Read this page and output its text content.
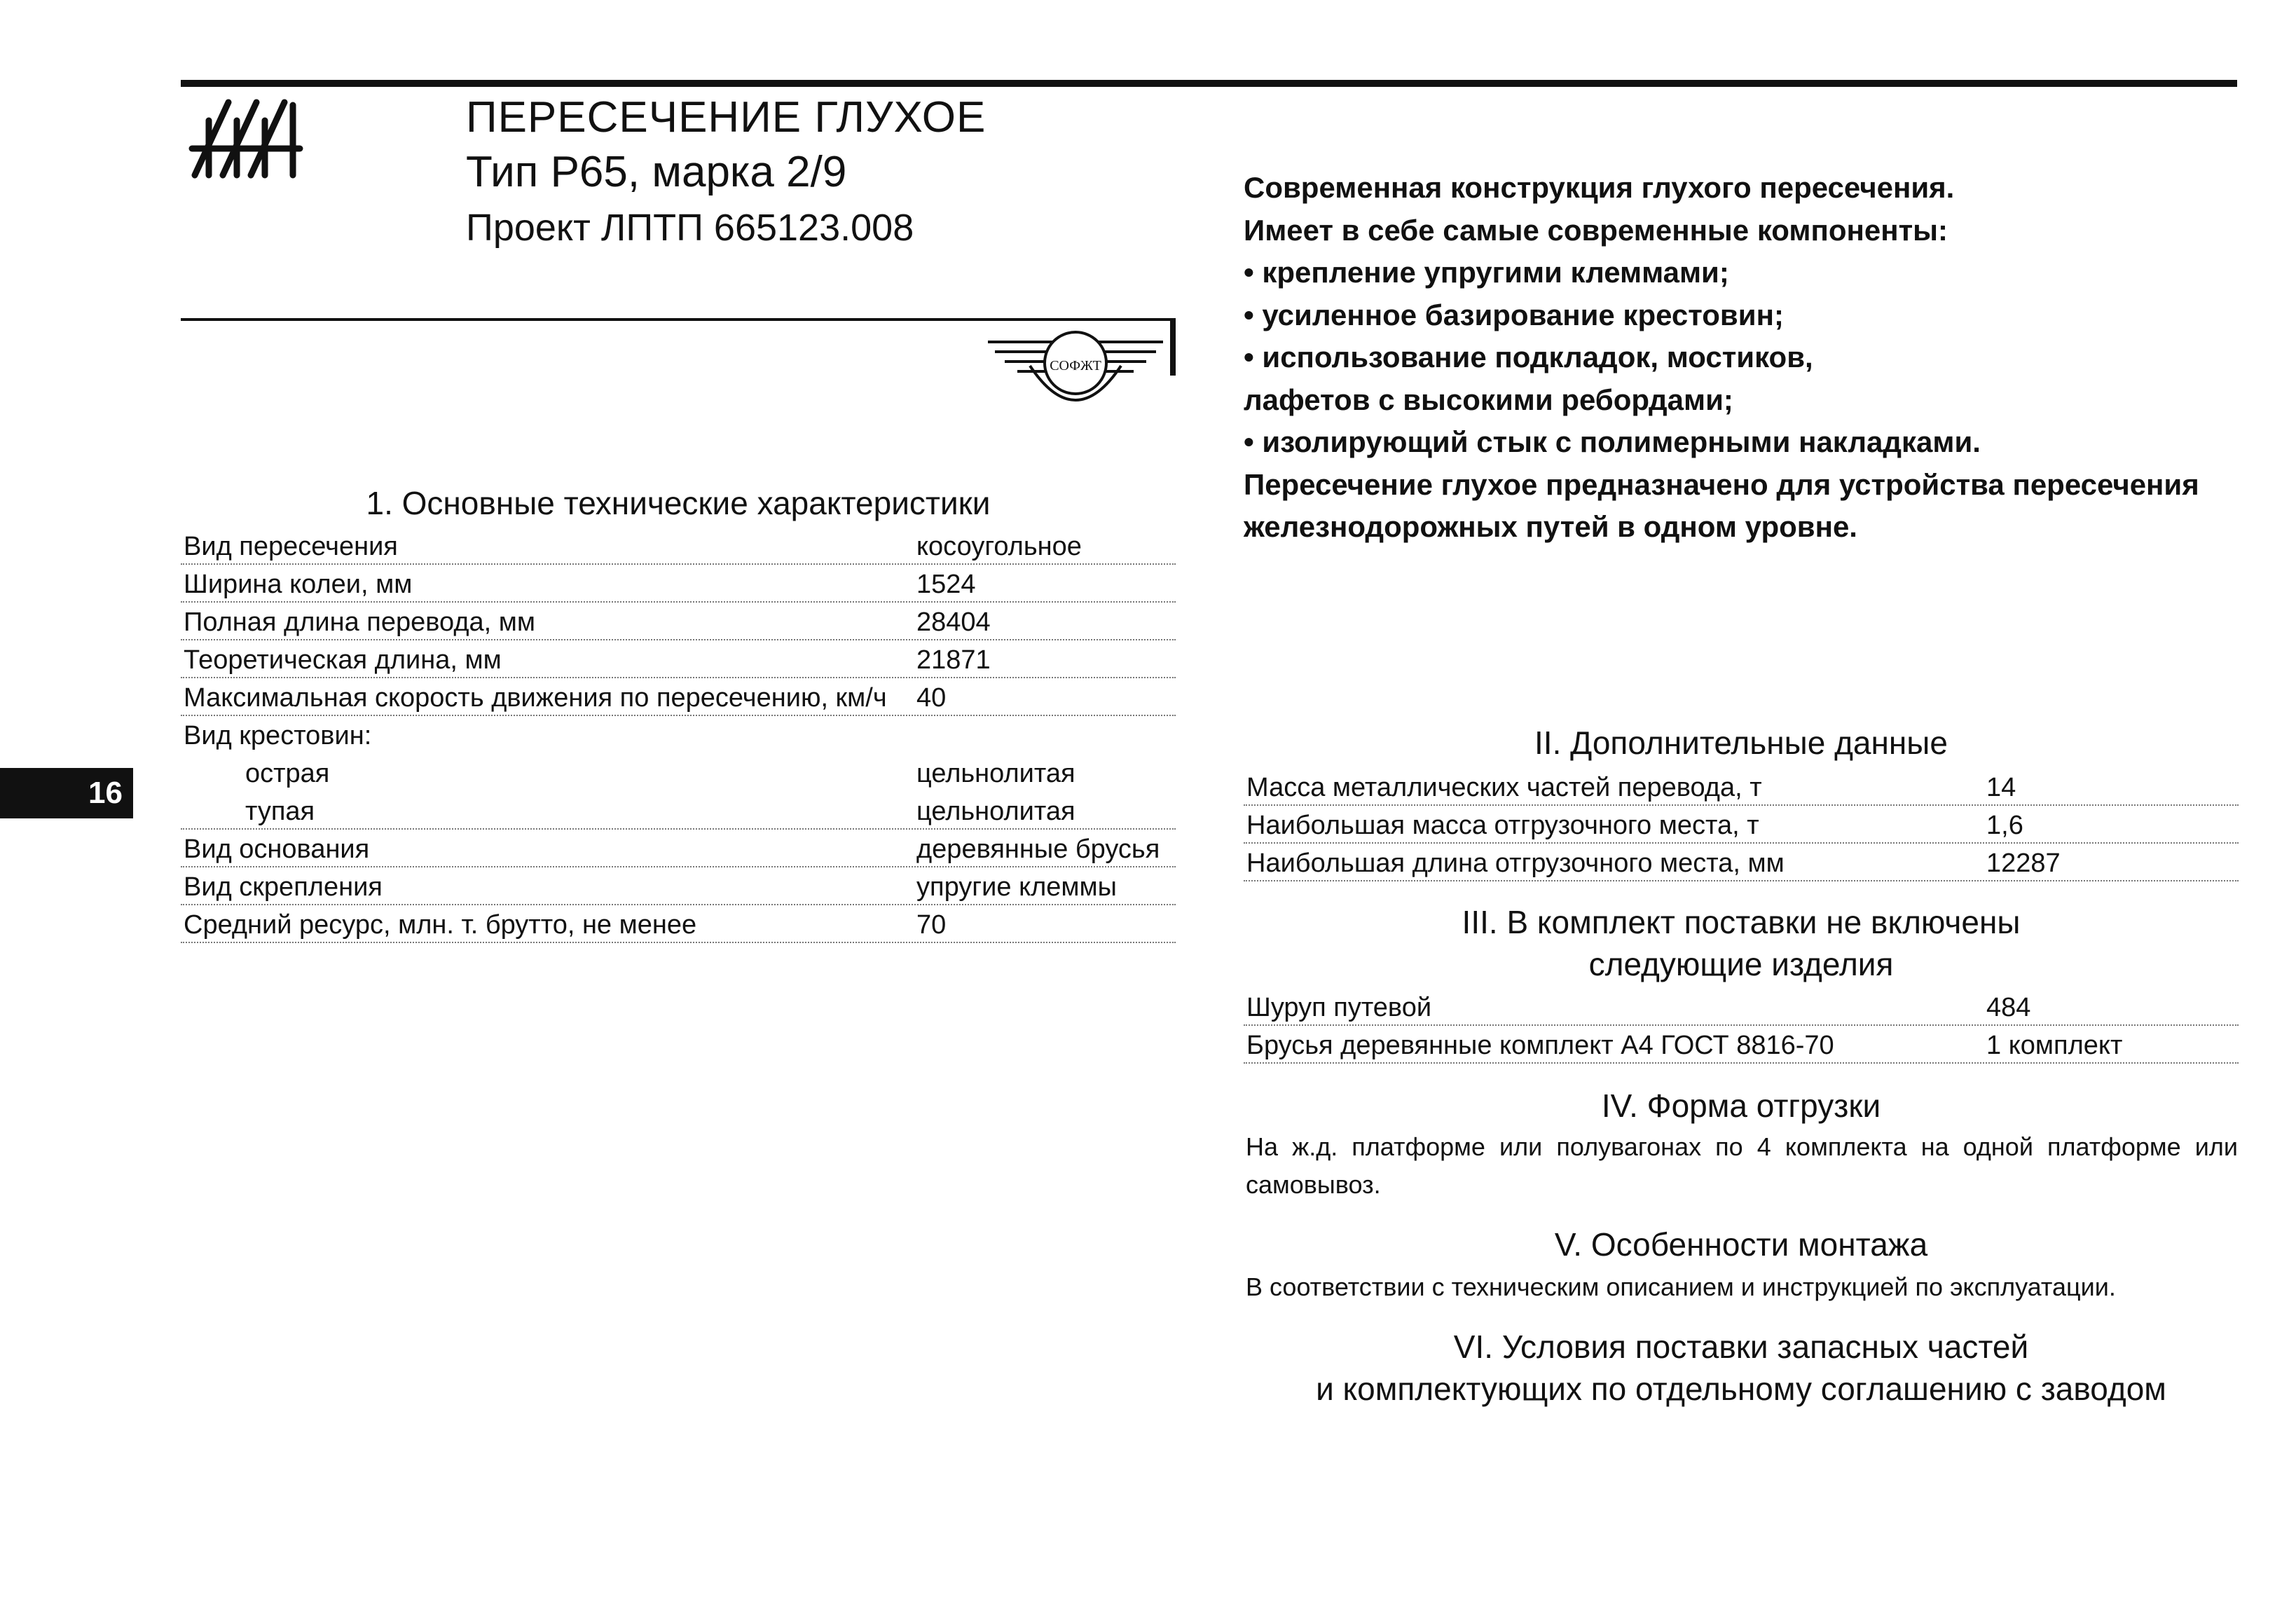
ПЕРЕСЕЧЕНИЕ ГЛУХОЕ
Тип Р65, марка 2/9
Проект ЛПТП 665123.008
СОФЖТ
Современная конструкция глухого пересечения.
Имеет в себе самые современные компоненты:
• крепление упругими клеммами;
• усиленное базирование крестовин;
• использование подкладок, мостиков,
лафетов с высокими ребордами;
• изолирующий стык с полимерными накладками.
Пересечение глухое предназначено для устройства пересечения
железнодорожных путей в одном уровне.
1. Основные технические характеристики
Вид пересечения	косоугольное
Ширина колеи, мм	1524
Полная длина перевода, мм	28404
Теоретическая длина, мм	21871
Максимальная скорость движения по пересечению, км/ч 40
Вид крестовин:
острая	цельнолитая
тупая	цельнолитая
Вид основания	деревянные брусья
Вид скрепления	упругие клеммы
Средний ресурс, млн. т. брутто, не менее	70
II. Дополнительные данные
Масса металлических частей перевода, т	14
Наибольшая масса отгрузочного места, т	1,6
Наибольшая длина отгрузочного места, мм	12287
III. В комплект поставки не включены
следующие изделия
Шуруп путевой	484
Брусья деревянные комплект А4 ГОСТ 8816-70	1 комплект
IV. Форма отгрузки
На ж.д. платформе или полувагонах по 4 комплекта на одной платформе или самовывоз.
V. Особенности монтажа
В соответствии с техническим описанием и инструкцией по эксплуатации.
VI. Условия поставки запасных частей
и комплектующих по отдельному соглашению с заводом
16
